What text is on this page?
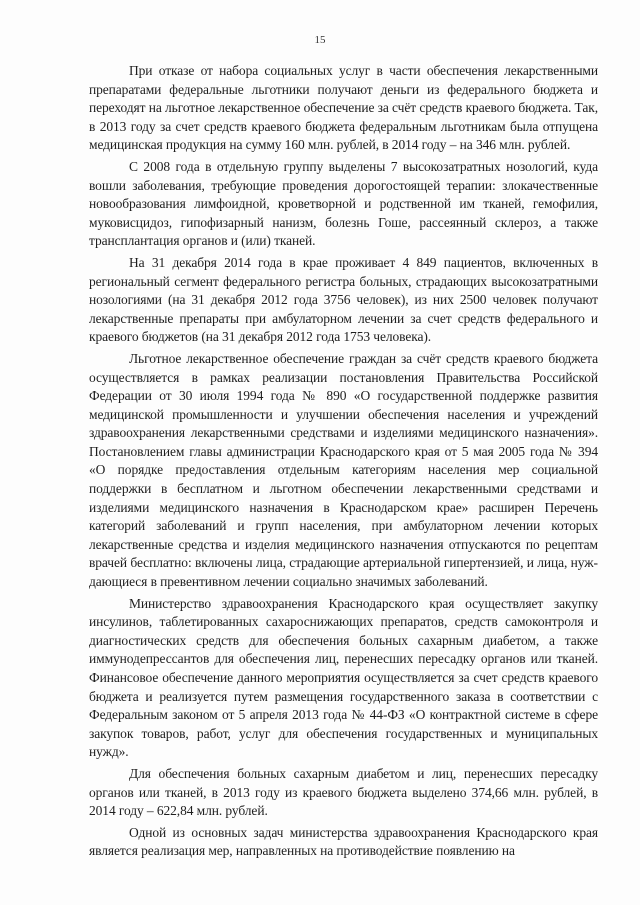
15

При отказе от набора социальных услуг в части обеспечения лекарственными препаратами федеральные льготники получают деньги из федерального бюджета и переходят на льготное лекарственное обеспечение за счёт средств краевого бюджета. Так, в 2013 году за счет средств краевого бюджета федеральным льготникам была отпущена медицинская продукция на сумму 160 млн. рублей, в 2014 году – на 346 млн. рублей.

С 2008 года в отдельную группу выделены 7 высокозатратных нозологий, куда вошли заболевания, требующие проведения дорогостоящей терапии: злокачественные новообразования лимфоидной, кроветворной и родственной им тканей, гемофилия, муковисцидоз, гипофизарный нанизм, болезнь Гоше, рассеянный склероз, а также трансплантация органов и (или) тканей.

На 31 декабря 2014 года в крае проживает 4 849 пациентов, включенных в региональный сегмент федерального регистра больных, страдающих высокозатратными нозологиями (на 31 декабря 2012 года 3756 человек), из них 2500 человек получают лекарственные препараты при амбулаторном лечении за счет средств федерального и краевого бюджетов (на 31 декабря 2012 года 1753 человека).

Льготное лекарственное обеспечение граждан за счёт средств краевого бюджета осуществляется в рамках реализации постановления Правительства Российской Федерации от 30 июля 1994 года № 890 «О государственной поддержке развития медицинской промышленности и улучшении обеспечения населения и учреждений здравоохранения лекарственными средствами и изделиями медицинского назначения». Постановлением главы администрации Краснодарского края от 5 мая 2005 года № 394 «О порядке предоставления отдельным категориям населения мер социальной поддержки в бесплатном и льготном обеспечении лекарственными средствами и изделиями медицинского назначения в Краснодарском крае» расширен Перечень категорий заболеваний и групп населения, при амбулаторном лечении которых лекарственные средства и изделия медицинского назначения отпускаются по рецептам врачей бесплатно: включены лица, страдающие артериальной гипертензией, и лица, нуждающиеся в превентивном лечении социально значимых заболеваний.

Министерство здравоохранения Краснодарского края осуществляет закупку инсулинов, таблетированных сахароснижающих препаратов, средств самоконтроля и диагностических средств для обеспечения больных сахарным диабетом, а также иммунодепрессантов для обеспечения лиц, перенесших пересадку органов или тканей. Финансовое обеспечение данного мероприятия осуществляется за счет средств краевого бюджета и реализуется путем размещения государственного заказа в соответствии с Федеральным законом от 5 апреля 2013 года № 44-ФЗ «О контрактной системе в сфере закупок товаров, работ, услуг для обеспечения государственных и муниципальных нужд».

Для обеспечения больных сахарным диабетом и лиц, перенесших пересадку органов или тканей, в 2013 году из краевого бюджета выделено 374,66 млн. рублей, в 2014 году – 622,84 млн. рублей.

Одной из основных задач министерства здравоохранения Краснодарского края является реализация мер, направленных на противодействие появлению на
